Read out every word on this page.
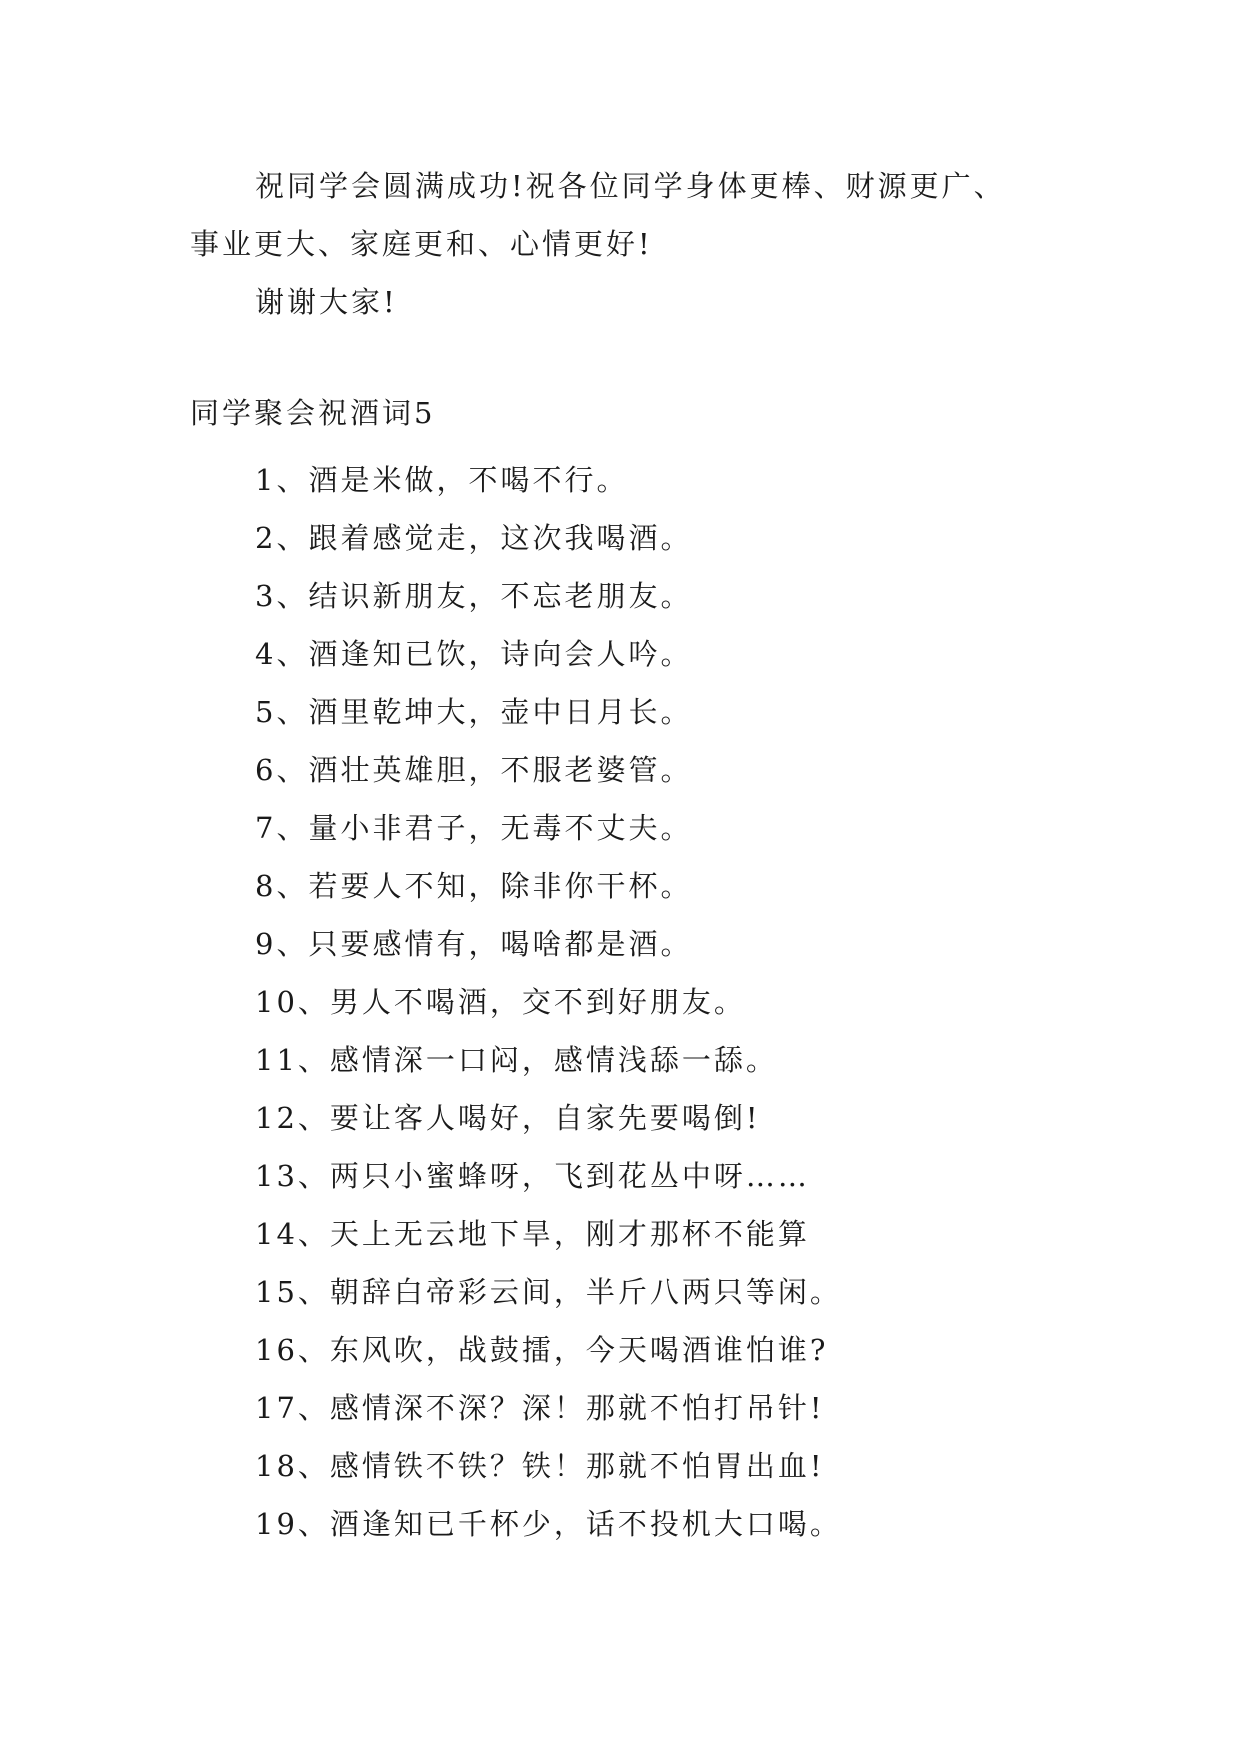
祝同学会圆满成功!祝各位同学身体更棒、财源更广、
事业更大、家庭更和、心情更好!
谢谢大家!
同学聚会祝酒词5
1、酒是米做，不喝不行。
2、跟着感觉走，这次我喝酒。
3、结识新朋友，不忘老朋友。
4、酒逢知已饮，诗向会人吟。
5、酒里乾坤大，壶中日月长。
6、酒壮英雄胆，不服老婆管。
7、量小非君子，无毒不丈夫。
8、若要人不知，除非你干杯。
9、只要感情有，喝啥都是酒。
10、男人不喝酒，交不到好朋友。
11、感情深一口闷，感情浅舔一舔。
12、要让客人喝好，自家先要喝倒!
13、两只小蜜蜂呀，飞到花丛中呀……
14、天上无云地下旱，刚才那杯不能算
15、朝辞白帝彩云间，半斤八两只等闲。
16、东风吹，战鼓擂，今天喝酒谁怕谁?
17、感情深不深？深！那就不怕打吊针!
18、感情铁不铁？铁！那就不怕胃出血!
19、酒逢知已千杯少，话不投机大口喝。
